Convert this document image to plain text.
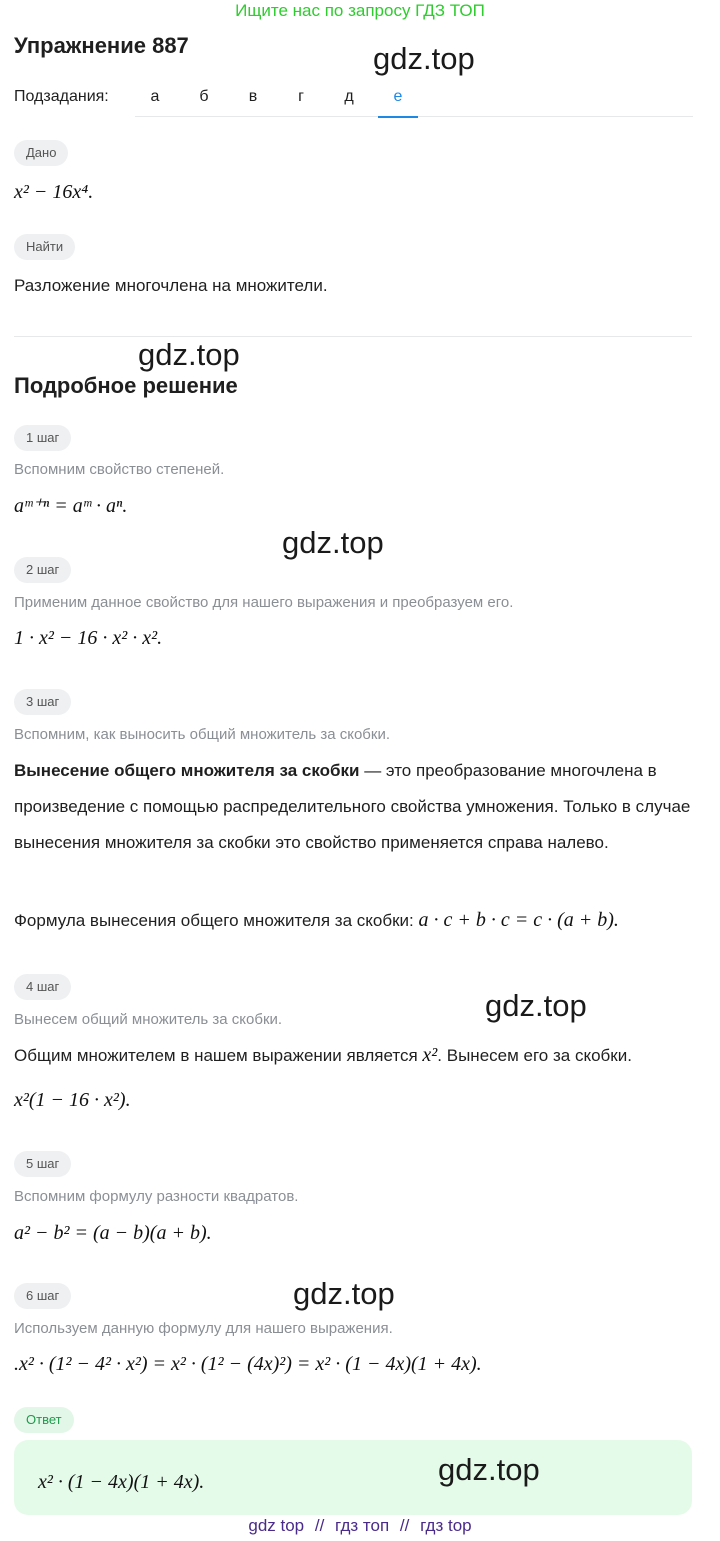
Ищите нас по запросу ГДЗ ТОП
Упражнение 887	gdz.top
Подзадания:	а	б	в	г	д	е
Дано
x² − 16x⁴.
Найти
Разложение многочлена на множители.
gdz.top
Подробное решение
1 шаг
Вспомним свойство степеней.
aᵐ⁺ⁿ = aᵐ · aⁿ.
gdz.top
2 шаг
Применим данное свойство для нашего выражения и преобразуем его.
1 · x² − 16 · x² · x².
3 шаг
Вспомним, как выносить общий множитель за скобки.
Вынесение общего множителя за скобки — это преобразование многочлена в произведение с помощью распределительного свойства умножения. Только в случае вынесения множителя за скобки это свойство применяется справа налево.
Формула вынесения общего множителя за скобки: a · c + b · c = c · (a + b).
4 шаг
gdz.top
Вынесем общий множитель за скобки.
Общим множителем в нашем выражении является x². Вынесем его за скобки.
x²(1 − 16 · x²).
5 шаг
Вспомним формулу разности квадратов.
a² − b² = (a − b)(a + b).
6 шаг	gdz.top
Используем данную формулу для нашего выражения.
.x² · (1² − 4² · x²) = x² · (1² − (4x)²) = x² · (1 − 4x)(1 + 4x).
Ответ
x² · (1 − 4x)(1 + 4x).	gdz.top
gdz top // гдз топ // гдз top
